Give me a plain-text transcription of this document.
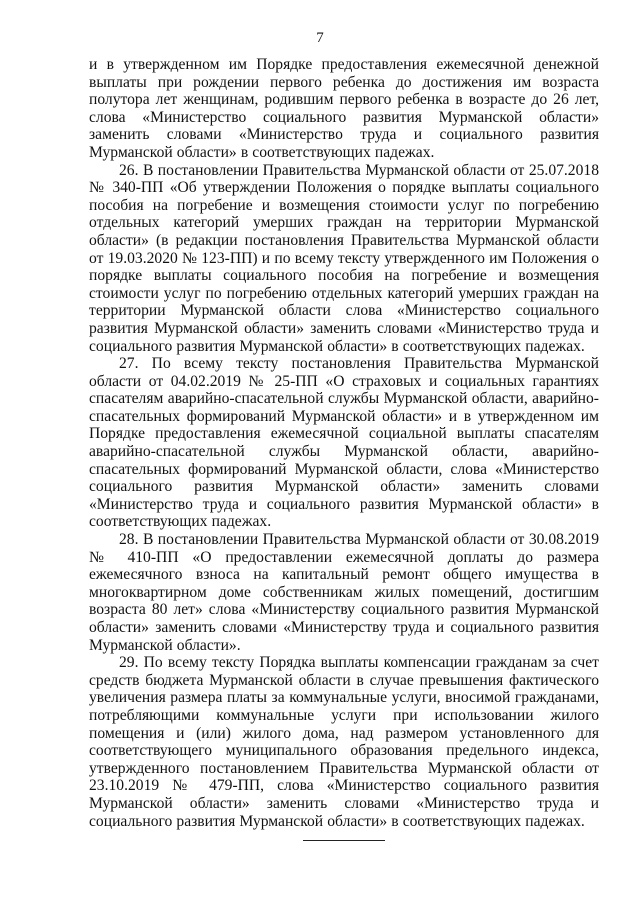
7

и в утвержденном им Порядке предоставления ежемесячной денежной выплаты при рождении первого ребенка до достижения им возраста полутора лет женщинам, родившим первого ребенка в возрасте до 26 лет, слова «Министерство социального развития Мурманской области» заменить словами «Министерство труда и социального развития Мурманской области» в соответствующих падежах.

26. В постановлении Правительства Мурманской области от 25.07.2018 № 340-ПП «Об утверждении Положения о порядке выплаты социального пособия на погребение и возмещения стоимости услуг по погребению отдельных категорий умерших граждан на территории Мурманской области» (в редакции постановления Правительства Мурманской области от 19.03.2020 № 123-ПП) и по всему тексту утвержденного им Положения о порядке выплаты социального пособия на погребение и возмещения стоимости услуг по погребению отдельных категорий умерших граждан на территории Мурманской области слова «Министерство социального развития Мурманской области» заменить словами «Министерство труда и социального развития Мурманской области» в соответствующих падежах.

27. По всему тексту постановления Правительства Мурманской области от 04.02.2019 № 25-ПП «О страховых и социальных гарантиях спасателям аварийно-спасательной службы Мурманской области, аварийно-спасательных формирований Мурманской области» и в утвержденном им Порядке предоставления ежемесячной социальной выплаты спасателям аварийно-спасательной службы Мурманской области, аварийно-спасательных формирований Мурманской области, слова «Министерство социального развития Мурманской области» заменить словами «Министерство труда и социального развития Мурманской области» в соответствующих падежах.

28. В постановлении Правительства Мурманской области от 30.08.2019 № 410-ПП «О предоставлении ежемесячной доплаты до размера ежемесячного взноса на капитальный ремонт общего имущества в многоквартирном доме собственникам жилых помещений, достигшим возраста 80 лет» слова «Министерству социального развития Мурманской области» заменить словами «Министерству труда и социального развития Мурманской области».

29. По всему тексту Порядка выплаты компенсации гражданам за счет средств бюджета Мурманской области в случае превышения фактического увеличения размера платы за коммунальные услуги, вносимой гражданами, потребляющими коммунальные услуги при использовании жилого помещения и (или) жилого дома, над размером установленного для соответствующего муниципального образования предельного индекса, утвержденного постановлением Правительства Мурманской области от 23.10.2019 № 479-ПП, слова «Министерство социального развития Мурманской области» заменить словами «Министерство труда и социального развития Мурманской области» в соответствующих падежах.
